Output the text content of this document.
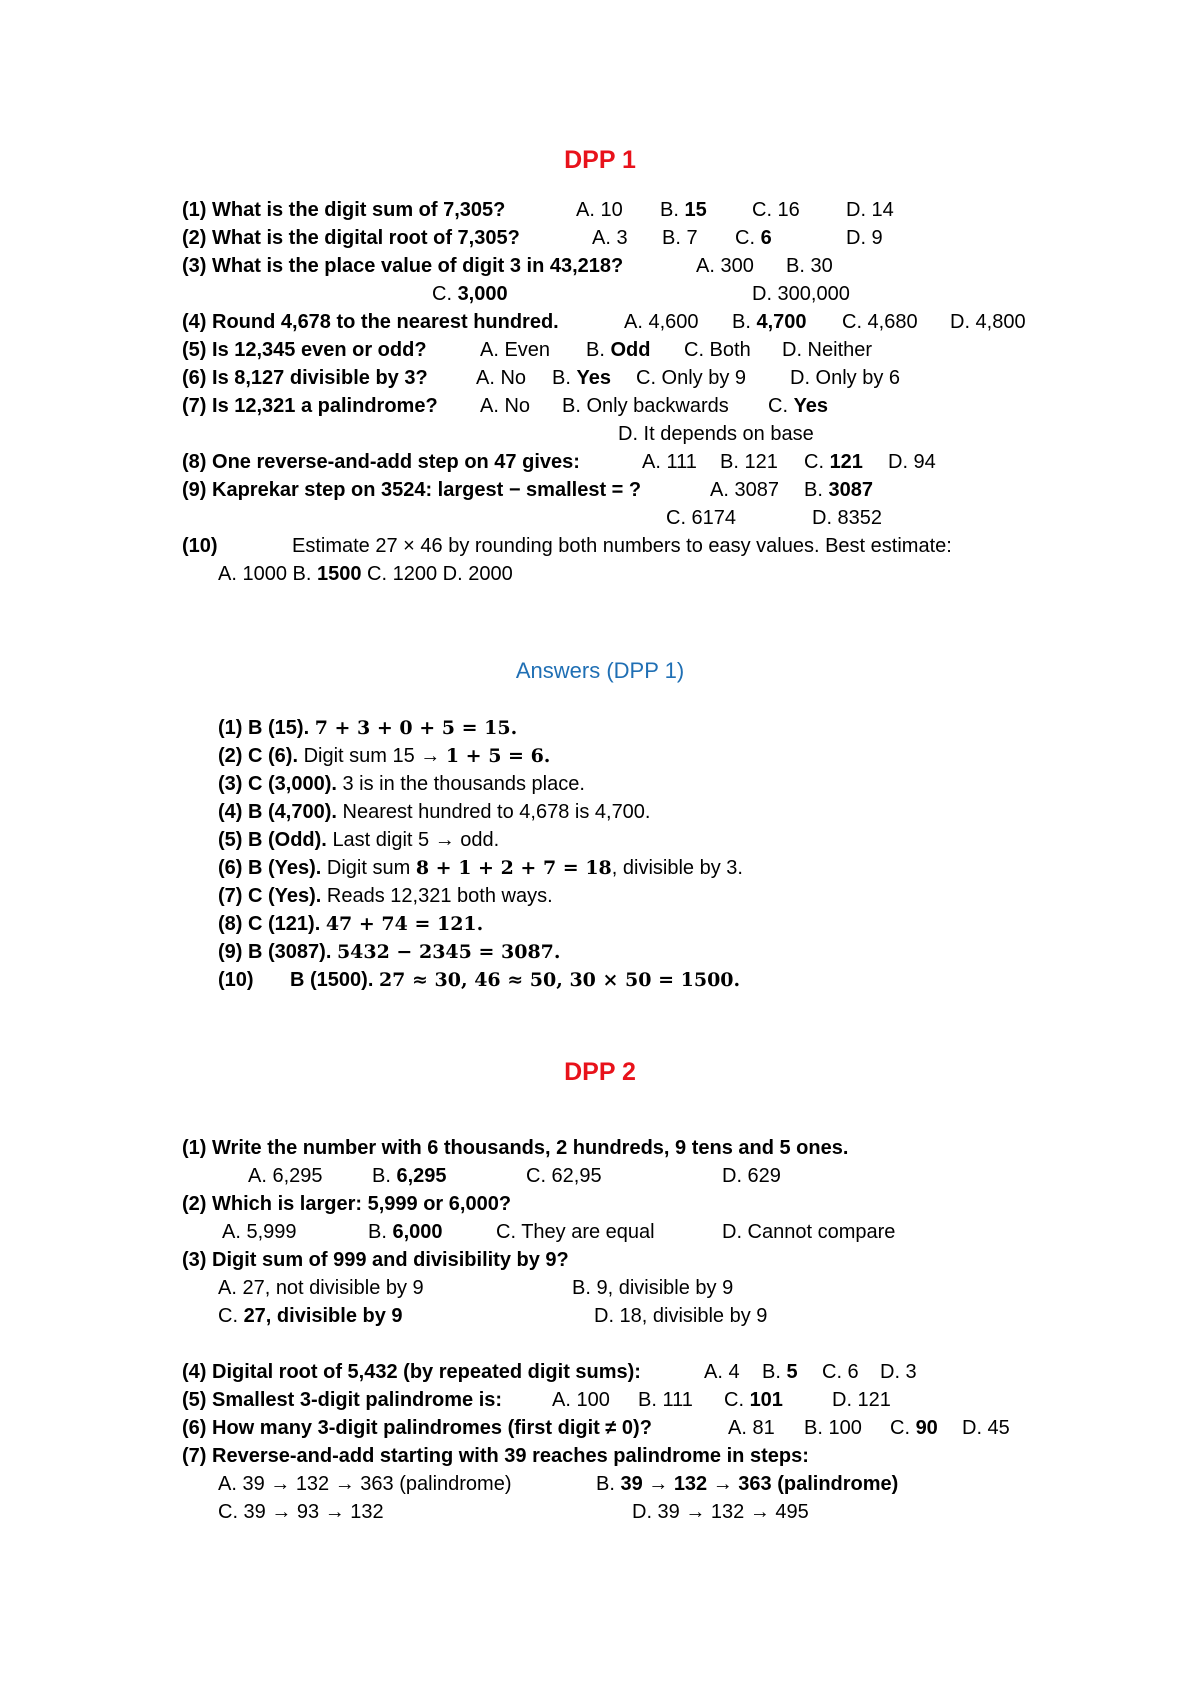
DPP 1
(1) What is the digit sum of 7,305?	A. 10 B. 15 C. 16 D. 14
(2) What is the digital root of 7,305?	A. 3 B. 7 C. 6	D. 9
(3) What is the place value of digit 3 in 43,218?	A. 300 B. 30
C. 3,000	D. 300,000
(4) Round 4,678 to the nearest hundred.	A. 4,600 B. 4,700 C. 4,680 D. 4,800
(5) Is 12,345 even or odd?	A. Even B. Odd C. Both D. Neither
(6) Is 8,127 divisible by 3? A. No B. Yes C. Only by 9 D. Only by 6
(7) Is 12,321 a palindrome? A. No B. Only backwards C. Yes
D. It depends on base
(8) One reverse-and-add step on 47 gives:	A. 111 B. 121 C. 121 D. 94
(9) Kaprekar step on 3524: largest − smallest = ?	A. 3087 B. 3087
C. 6174	D. 8352
(10)	Estimate 27 × 46 by rounding both numbers to easy values. Best estimate:
A. 1000 B. 1500 C. 1200 D. 2000
Answers (DPP 1)
(1) B (15). 7 + 3 + 0 + 5 = 15.
(2) C (6). Digit sum 15 → 1 + 5 = 6.
(3) C (3,000). 3 is in the thousands place.
(4) B (4,700). Nearest hundred to 4,678 is 4,700.
(5) B (Odd). Last digit 5 → odd.
(6) B (Yes). Digit sum 8 + 1 + 2 + 7 = 18, divisible by 3.
(7) C (Yes). Reads 12,321 both ways.
(8) C (121). 47 + 74 = 121.
(9) B (3087). 5432 − 2345 = 3087.
(10) B (1500). 27 ≈ 30, 46 ≈ 50, 30 × 50 = 1500.
DPP 2
(1) Write the number with 6 thousands, 2 hundreds, 9 tens and 5 ones.
A. 6,295 B. 6,295	C. 62,95	D. 629
(2) Which is larger: 5,999 or 6,000?
A. 5,999	B. 6,000	C. They are equal	D. Cannot compare
(3) Digit sum of 999 and divisibility by 9?
A. 27, not divisible by 9	B. 9, divisible by 9
C. 27, divisible by 9	D. 18, divisible by 9
(4) Digital root of 5,432 (by repeated digit sums):	A. 4 B. 5 C. 6 D. 3
(5) Smallest 3-digit palindrome is: A. 100 B. 111 C. 101 D. 121
(6) How many 3-digit palindromes (first digit ≠ 0)?	A. 81 B. 100 C. 90 D. 45
(7) Reverse-and-add starting with 39 reaches palindrome in steps:
A. 39 → 132 → 363 (palindrome)	B. 39 → 132 → 363 (palindrome)
C. 39 → 93 → 132	D. 39 → 132 → 495
